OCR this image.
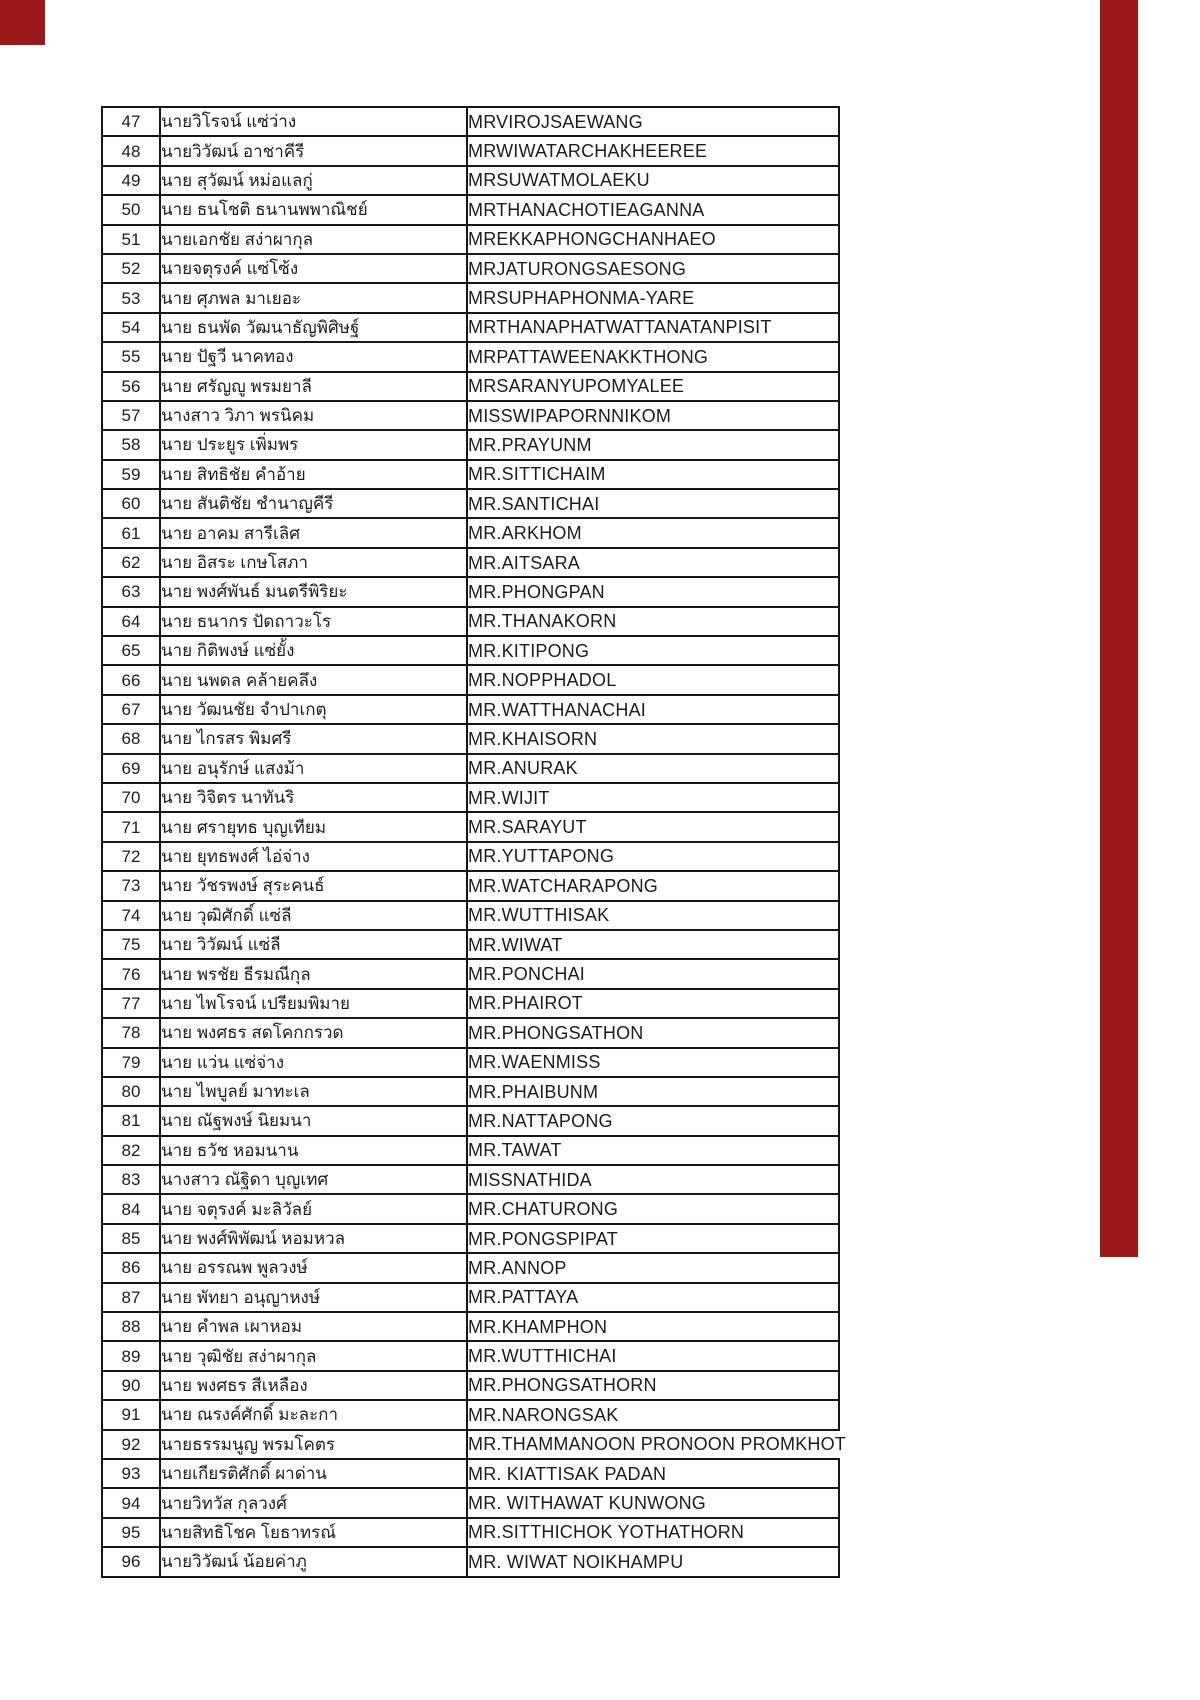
47	นายวิโรจน์ แซ่ว่าง	MRVIROJSAEWANG
48	นายวิวัฒน์ อาชาคีรี	MRWIWATARCHAKHEEREE
49	นาย สุวัฒน์ หม่อแลกู่	MRSUWATMOLAEKU
50	นาย ธนโชติ ธนานพพาณิชย์	MRTHANACHOTIEAGANNA
51	นายเอกชัย สง่าผากุล	MREKKAPHONGCHANHAEO
52	นายจตุรงค์ แซ่โซ้ง	MRJATURONGSAESONG
53	นาย ศุภพล มาเยอะ	MRSUPHAPHONMA-YARE
54	นาย ธนพัด วัฒนาธัญพิศิษฐ์	MRTHANAPHATWATTANATANPISIT
55	นาย ปัฐวี นาคทอง	MRPATTAWEENAKKTHONG
56	นาย ศรัญญู พรมยาลี	MRSARANYUPOMYALEE
57	นางสาว วิภา พรนิคม	MISSWIPAPORNNIKOM
58	นาย ประยูร เพิ่มพร	MR.PRAYUNM
59	นาย สิทธิชัย คำอ้าย	MR.SITTICHAIM
60	นาย สันติชัย ชำนาญคีรี	MR.SANTICHAI
61	นาย อาคม สารีเลิศ	MR.ARKHOM
62	นาย อิสระ เกษโสภา	MR.AITSARA
63	นาย พงศ์พันธ์ มนตรีพิริยะ	MR.PHONGPAN
64	นาย ธนากร ปัดถาวะโร	MR.THANAKORN
65	นาย กิติพงษ์ แซ่ยั้ง	MR.KITIPONG
66	นาย นพดล คล้ายคลึง	MR.NOPPHADOL
67	นาย วัฒนชัย จำปาเกตุ	MR.WATTHANACHAI
68	นาย ไกรสร พิมศรี	MR.KHAISORN
69	นาย อนุรักษ์ แสงม้า	MR.ANURAK
70	นาย วิจิตร นาทันริ	MR.WIJIT
71	นาย ศรายุทธ บุญเทียม	MR.SARAYUT
72	นาย ยุทธพงศ์ ไอ่จ่าง	MR.YUTTAPONG
73	นาย วัชรพงษ์ สุระคนธ์	MR.WATCHARAPONG
74	นาย วุฒิศักดิ์ แซ่ลี	MR.WUTTHISAK
75	นาย วิวัฒน์ แซ่ลี	MR.WIWAT
76	นาย พรชัย ธีรมณีกุล	MR.PONCHAI
77	นาย ไพโรจน์ เปรียมพิมาย	MR.PHAIROT
78	นาย พงศธร สดโคกกรวด	MR.PHONGSATHON
79	นาย แว่น แซ่จ่าง	MR.WAENMISS
80	นาย ไพบูลย์ มาทะเล	MR.PHAIBUNM
81	นาย ณัฐพงษ์ นิยมนา	MR.NATTAPONG
82	นาย ธวัช หอมนาน	MR.TAWAT
83	นางสาว ณัฐิดา บุญเทศ	MISSNATHIDA
84	นาย จตุรงค์ มะลิวัลย์	MR.CHATURONG
85	นาย พงศ์พิพัฒน์ หอมหวล	MR.PONGSPIPAT
86	นาย อรรณพ พูลวงษ์	MR.ANNOP
87	นาย พัทยา อนุญาหงษ์	MR.PATTAYA
88	นาย คำพล เผาหอม	MR.KHAMPHON
89	นาย วุฒิชัย สง่าผากุล	MR.WUTTHICHAI
90	นาย พงศธร สีเหลือง	MR.PHONGSATHORN
91	นาย ณรงค์ศักดิ์ มะละกา	MR.NARONGSAK
92	นายธรรมนูญ พรมโคตร	MR.THAMMANOON PRONOON PROMKHOT
93	นายเกียรติศักดิ์ ผาด่าน	MR. KIATTISAK PADAN
94	นายวิทวัส กุลวงศ์	MR. WITHAWAT KUNWONG
95	นายสิทธิโชค โยธาทรณ์	MR.SITTHICHOK YOTHATHORN
96	นายวิวัฒน์ น้อยค่าภู	MR. WIWAT NOIKHAMPU
